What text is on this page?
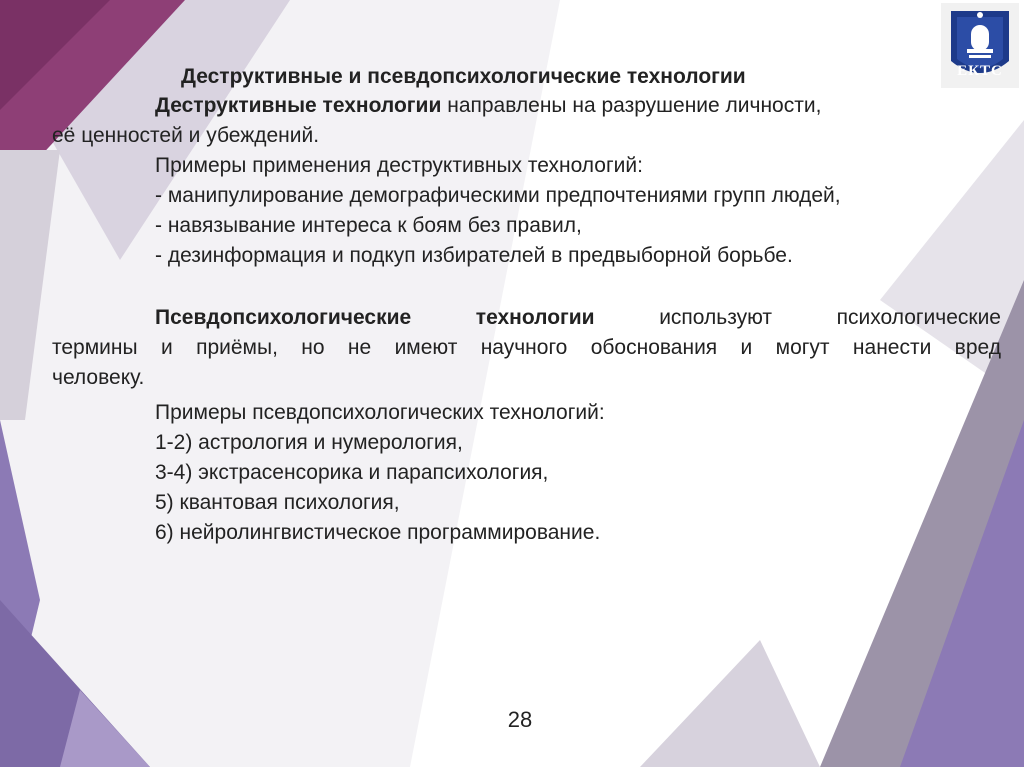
ЕКТС
Деструктивные и псевдопсихологические технологии
Деструктивные технологии направлены на разрушение личности,
её ценностей и убеждений.
Примеры применения деструктивных технологий:
- манипулирование демографическими предпочтениями групп людей,
- навязывание интереса к боям без правил,
- дезинформация и подкуп избирателей в предвыборной борьбе.
Псевдопсихологические технологии	используют психологические
термины и приёмы, но не имеют научного обоснования и могут нанести вред
человеку.
Примеры псевдопсихологических технологий:
1-2) астрология и нумерология,
3-4) экстрасенсорика и парапсихология,
5) квантовая психология,
6) нейролингвистическое программирование.
28
